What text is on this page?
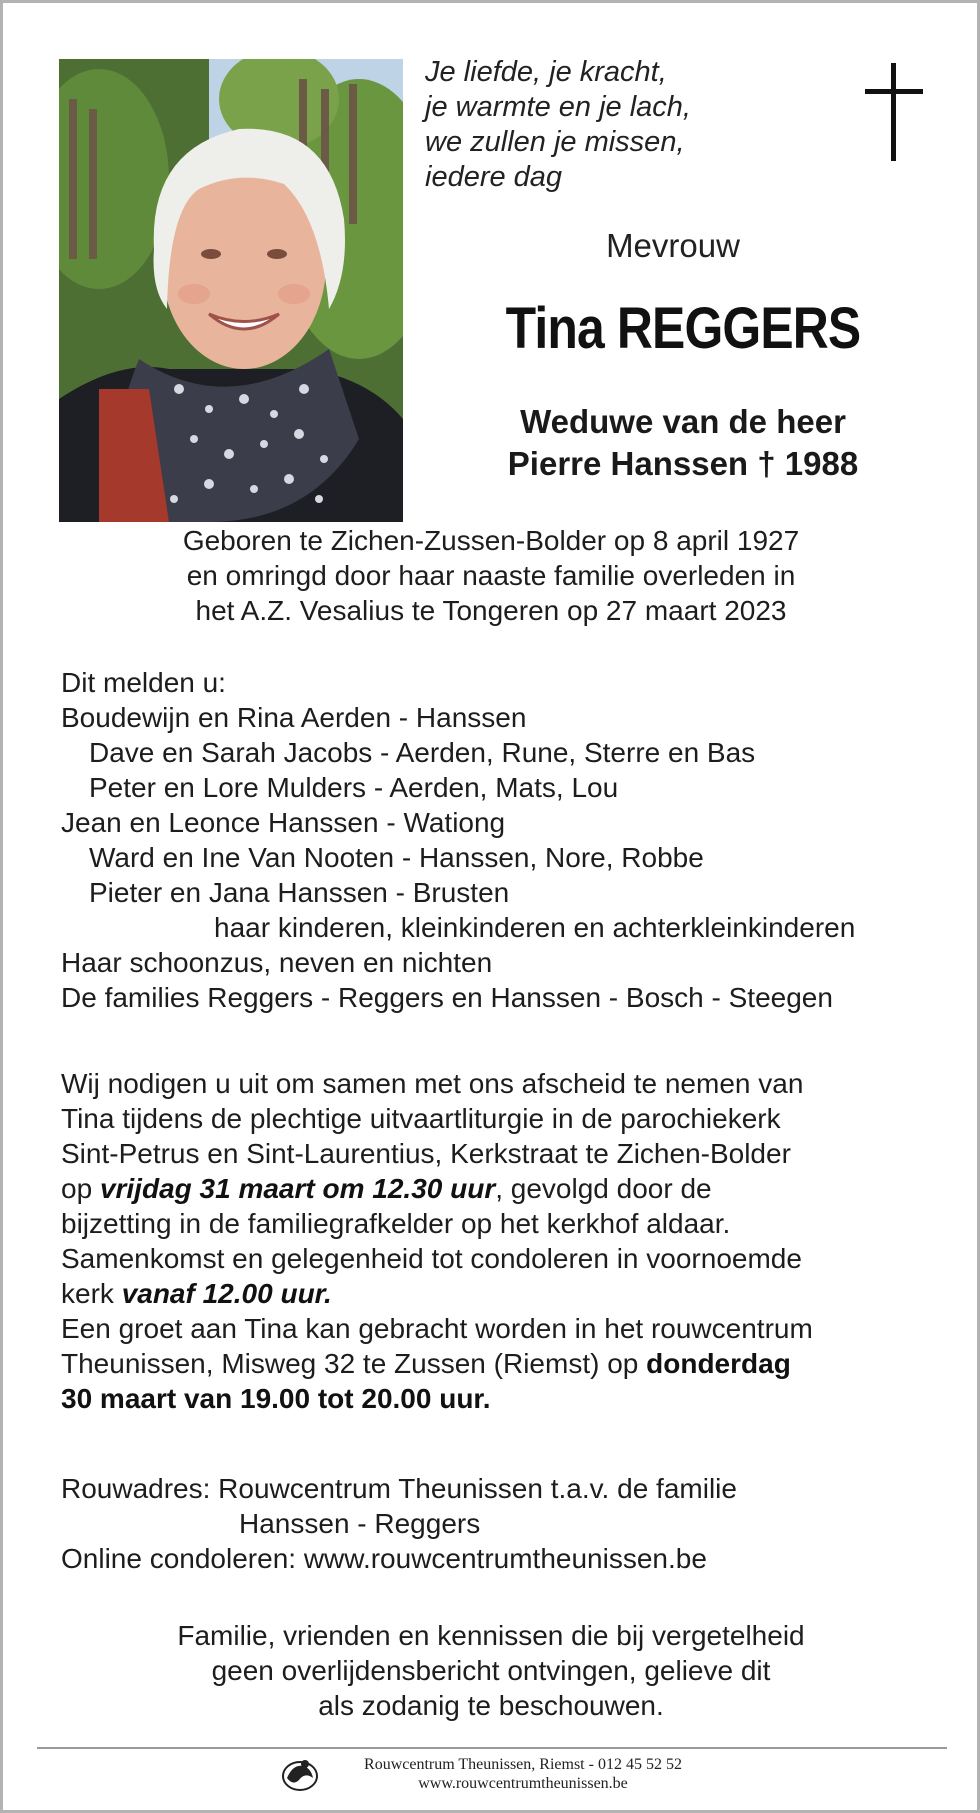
Je liefde, je kracht,
je warmte en je lach,
we zullen je missen,
iedere dag
Mevrouw
Tina REGGERS
Weduwe van de heer
Pierre Hanssen † 1988
Geboren te Zichen-Zussen-Bolder op 8 april 1927
en omringd door haar naaste familie overleden in
het A.Z. Vesalius te Tongeren op 27 maart 2023
Dit melden u:
Boudewijn en Rina Aerden - Hanssen
Dave en Sarah Jacobs - Aerden, Rune, Sterre en Bas
Peter en Lore Mulders - Aerden, Mats, Lou
Jean en Leonce Hanssen - Wationg
Ward en Ine Van Nooten - Hanssen, Nore, Robbe
Pieter en Jana Hanssen - Brusten
haar kinderen, kleinkinderen en achterkleinkinderen
Haar schoonzus, neven en nichten
De families Reggers - Reggers en Hanssen - Bosch - Steegen
Wij nodigen u uit om samen met ons afscheid te nemen van
Tina tijdens de plechtige uitvaartliturgie in de parochiekerk
Sint-Petrus en Sint-Laurentius, Kerkstraat te Zichen-Bolder
op vrijdag 31 maart om 12.30 uur, gevolgd door de
bijzetting in de familiegrafkelder op het kerkhof aldaar.
Samenkomst en gelegenheid tot condoleren in voornoemde
kerk vanaf 12.00 uur.
Een groet aan Tina kan gebracht worden in het rouwcentrum
Theunissen, Misweg 32 te Zussen (Riemst) op donderdag
30 maart van 19.00 tot 20.00 uur.
Rouwadres: Rouwcentrum Theunissen t.a.v. de familie
Hanssen - Reggers
Online condoleren: www.rouwcentrumtheunissen.be
Familie, vrienden en kennissen die bij vergetelheid
geen overlijdensbericht ontvingen, gelieve dit
als zodanig te beschouwen.
Rouwcentrum Theunissen, Riemst - 012 45 52 52
www.rouwcentrumtheunissen.be
